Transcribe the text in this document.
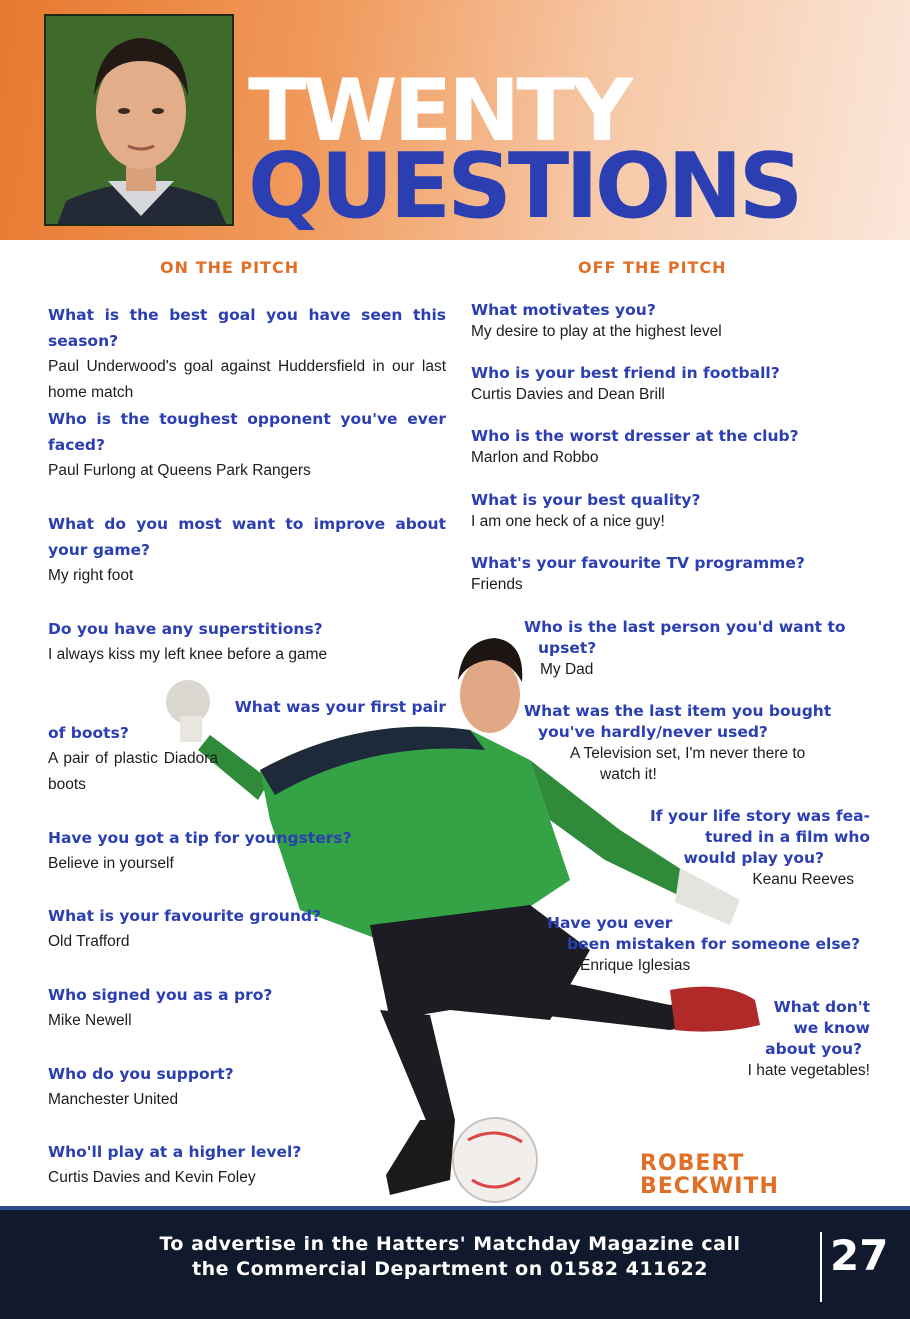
TWENTY
QUESTIONS
ON THE PITCH	OFF THE PITCH
What is the best goal you have seen this season?
Paul Underwood's goal against Huddersfield in our last home match
Who is the toughest opponent you've ever faced?
Paul Furlong at Queens Park Rangers
What do you most want to improve about your game?
My right foot
Do you have any superstitions?
I always kiss my left knee before a game
What was your first pair
of boots?
A pair of plastic Diadora boots
Have you got a tip for youngsters?
Believe in yourself
What is your favourite ground?
Old Trafford
Who signed you as a pro?
Mike Newell
Who do you support?
Manchester United
Who'll play at a higher level?
Curtis Davies and Kevin Foley
What motivates you?
My desire to play at the highest level
Who is your best friend in football?
Curtis Davies and Dean Brill
Who is the worst dresser at the club?
Marlon and Robbo
What is your best quality?
I am one heck of a nice guy!
What's your favourite TV programme?
Friends
Who is the last person you'd want to
upset?
My Dad
What was the last item you bought
you've hardly/never used?
A Television set, I'm never there to
watch it!
If your life story was fea-
tured in a film who
would play you?
Keanu Reeves
Have you ever
been mistaken for someone else?
Enrique Iglesias
What don't
we know
about you?
I hate vegetables!
ROBERT
BECKWITH
To advertise in the Hatters' Matchday Magazine call
the Commercial Department on 01582 411622	27
